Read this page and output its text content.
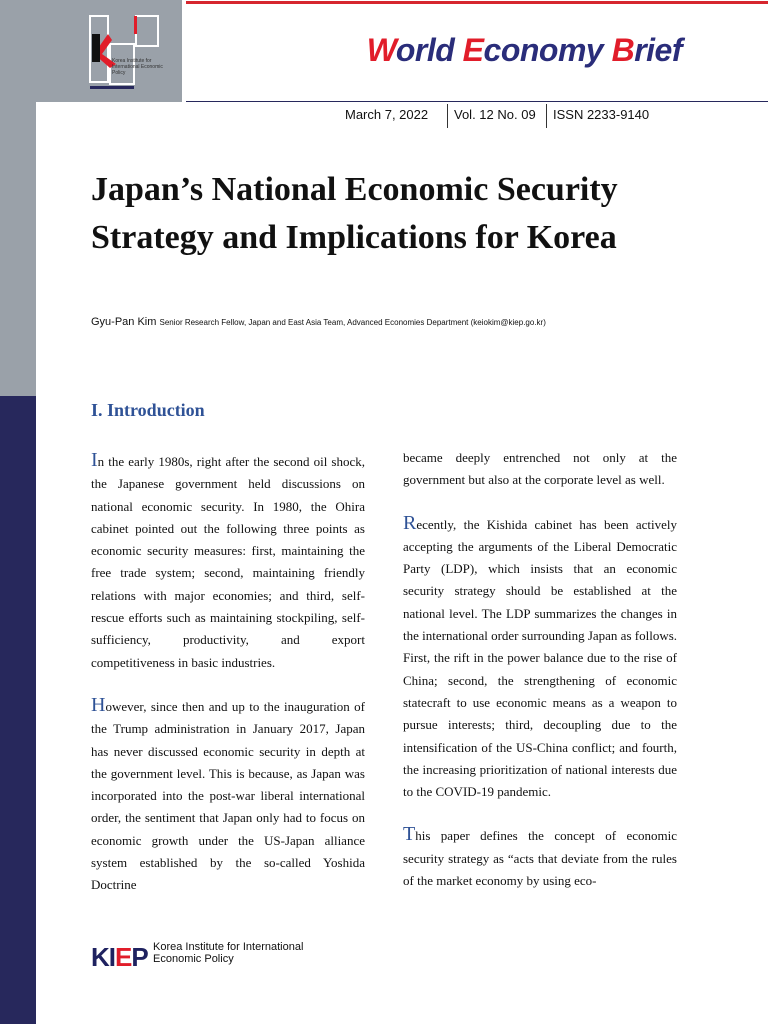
Korea Institute for International Economic Policy
World Economy Brief
March 7, 2022 Vol. 12 No. 09 ISSN 2233-9140
Japan’s National Economic Security
Strategy and Implications for Korea
Gyu-Pan Kim Senior Research Fellow, Japan and East Asia Team, Advanced Economies Department (keiokim@kiep.go.kr)
I. Introduction

In the early 1980s, right after the second oil shock, the Japanese government held discussions on national economic security. In 1980, the Ohira cabinet pointed out the following three points as economic security measures: first, maintaining the free trade system; second, maintaining friendly relations with major economies; and third, self-rescue efforts such as maintaining stockpiling, self-sufficiency, productivity, and export competitiveness in basic industries.

However, since then and up to the inauguration of the Trump administration in January 2017, Japan has never discussed economic security in depth at the government level. This is because, as Japan was incorporated into the post-war liberal international order, the sentiment that Japan only had to focus on economic growth under the US-Japan alliance system established by the so-called Yoshida Doctrine

became deeply entrenched not only at the government but also at the corporate level as well.

Recently, the Kishida cabinet has been actively accepting the arguments of the Liberal Democratic Party (LDP), which insists that an economic security strategy should be established at the national level. The LDP summarizes the changes in the international order surrounding Japan as follows. First, the rift in the power balance due to the rise of China; second, the strengthening of economic statecraft to use economic means as a weapon to pursue interests; third, decoupling due to the intensification of the US-China conflict; and fourth, the increasing prioritization of national interests due to the COVID-19 pandemic.

This paper defines the concept of economic security strategy as “acts that deviate from the rules of the market economy by using eco-

KIEP Korea Institute for International
Economic Policy
